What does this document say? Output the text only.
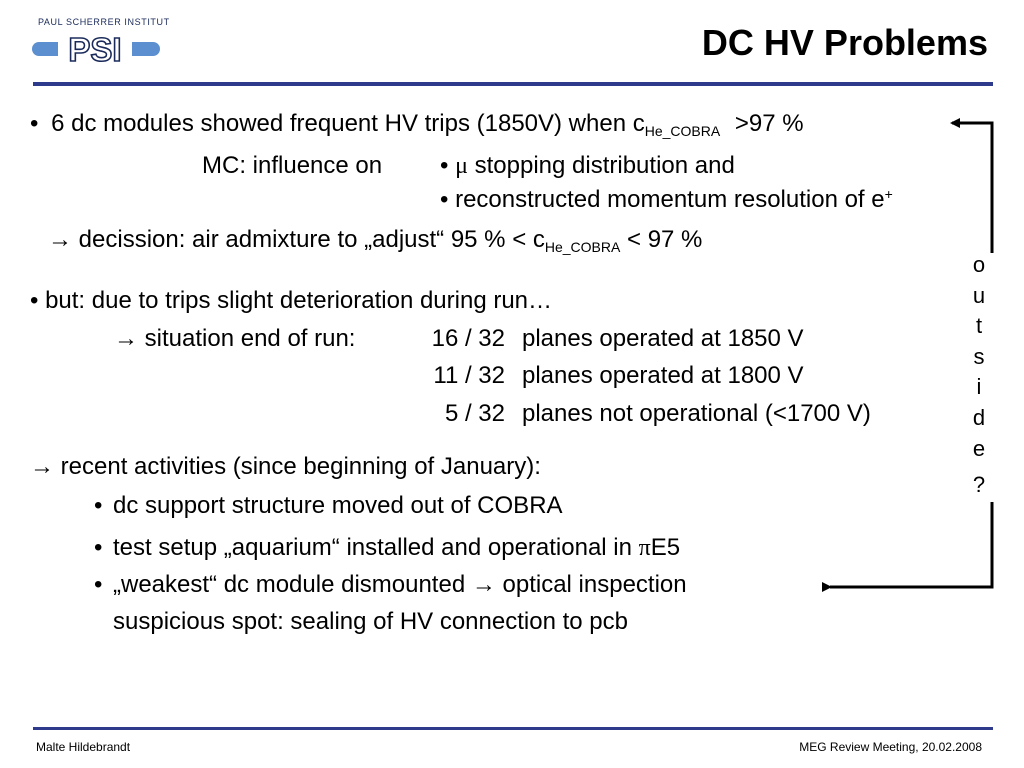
PAUL SCHERRER INSTITUT
PSI	DC HV Problems
• 6 dc modules showed frequent HV trips (1850V) when $c_{He\_COBRA} >97$ %
MC: influence on • μ stopping distribution and
• reconstructed momentum resolution of e+
→ decission: air admixture to „adjust“ 95 % < $c_{He\_COBRA} < 97$ %
• but: due to trips slight deterioration during run…
→ situation end of run:	16 / 32 planes operated at 1850 V
11 / 32 planes operated at 1800 V
5 / 32 planes not operational (<1700 V)
→ recent activities (since beginning of January):
• dc support structure moved out of COBRA
• test setup „aquarium“ installed and operational in πE5
• „weakest“ dc module dismounted → optical inspection
suspicious spot: sealing of HV connection to pcb
o
u
t
s
i
d
e
?
Malte Hildebrandt	MEG Review Meeting, 20.02.2008
